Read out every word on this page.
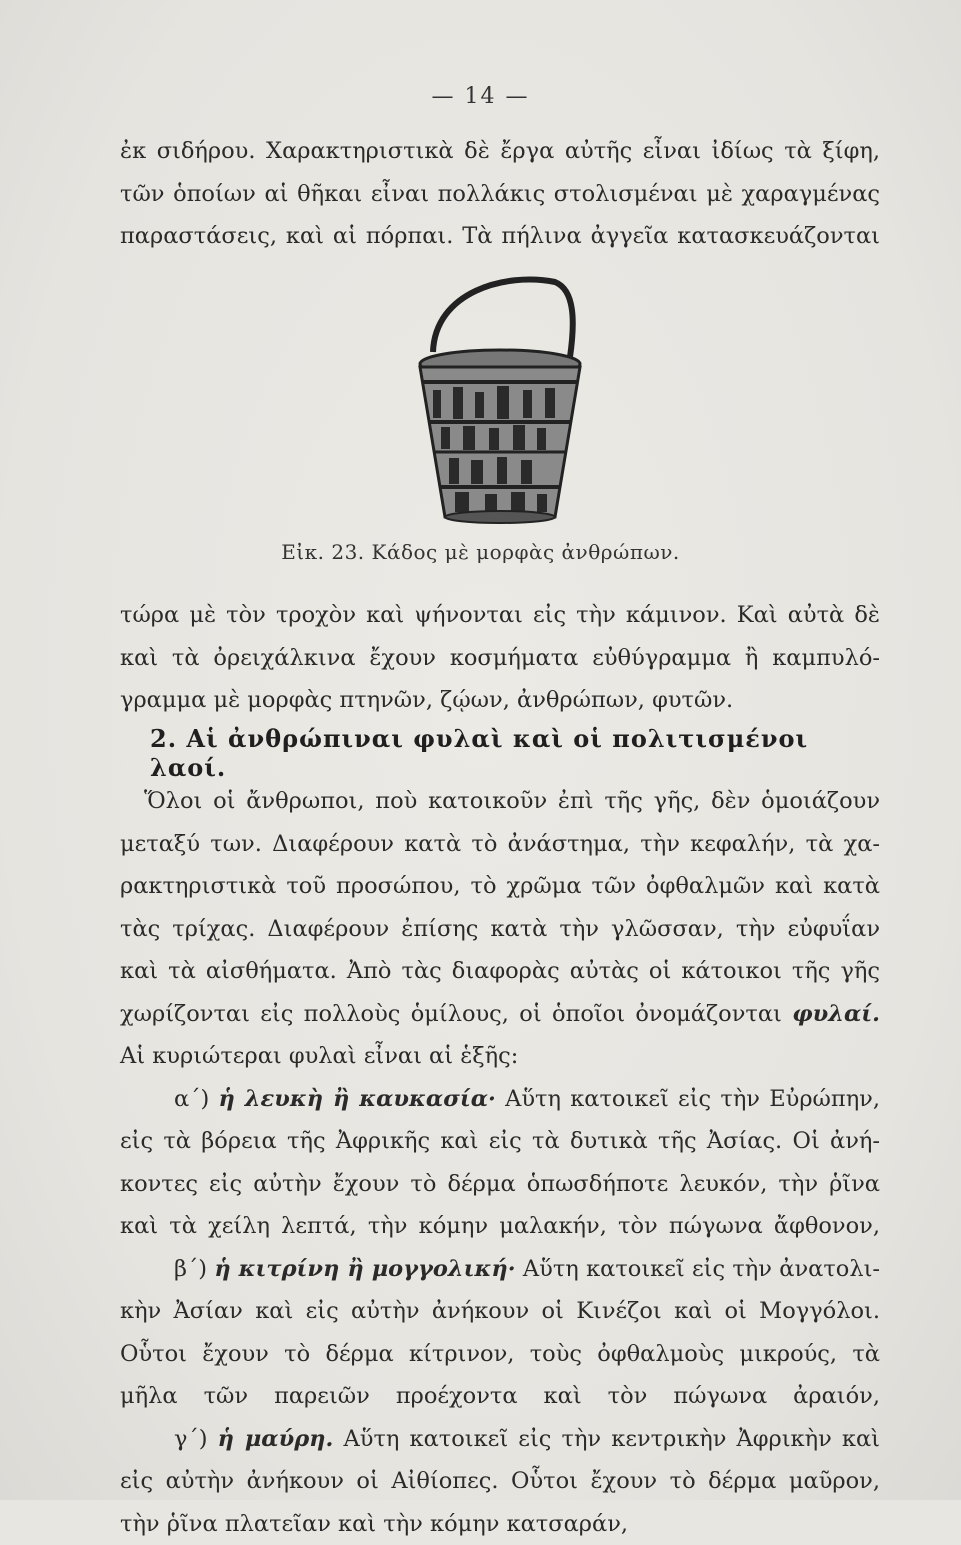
— 14 —
ἐκ σιδήρου. Χαρακτηριστικὰ δὲ ἔργα αὐτῆς εἶναι ἰδίως τὰ ξίφη,
τῶν ὁποίων αἱ θῆκαι εἶναι πολλάκις στολισμέναι μὲ χαραγμένας
παραστάσεις, καὶ αἱ πόρπαι. Τὰ πήλινα ἀγγεῖα κατασκευάζονται
Εἰκ. 23. Κάδος μὲ μορφὰς ἀνθρώπων.
τώρα μὲ τὸν τροχὸν καὶ ψήνονται εἰς τὴν κάμινον. Καὶ αὐτὰ δὲ
καὶ τὰ ὀρειχάλκινα ἔχουν κοσμήματα εὐθύγραμμα ἢ καμπυλό-
γραμμα μὲ μορφὰς πτηνῶν, ζῴων, ἀνθρώπων, φυτῶν.
2. Αἱ ἀνθρώπιναι φυλαὶ καὶ οἱ πολιτισμένοι λαοί.
Ὅλοι οἱ ἄνθρωποι, ποὺ κατοικοῦν ἐπὶ τῆς γῆς, δὲν ὁμοιάζουν
μεταξύ των. Διαφέρουν κατὰ τὸ ἀνάστημα, τὴν κεφαλήν, τὰ χα-
ρακτηριστικὰ τοῦ προσώπου, τὸ χρῶμα τῶν ὀφθαλμῶν καὶ κατὰ
τὰς τρίχας. Διαφέρουν ἐπίσης κατὰ τὴν γλῶσσαν, τὴν εὐφυΐαν
καὶ τὰ αἰσθήματα. Ἀπὸ τὰς διαφορὰς αὐτὰς οἱ κάτοικοι τῆς γῆς
χωρίζονται εἰς πολλοὺς ὁμίλους, οἱ ὁποῖοι ὀνομάζονται φυλαί.
Αἱ κυριώτεραι φυλαὶ εἶναι αἱ ἑξῆς:
α΄) ἡ λευκὴ ἢ καυκασία· Αὕτη κατοικεῖ εἰς τὴν Εὐρώπην,
εἰς τὰ βόρεια τῆς Ἀφρικῆς καὶ εἰς τὰ δυτικὰ τῆς Ἀσίας. Οἱ ἀνή-
κοντες εἰς αὐτὴν ἔχουν τὸ δέρμα ὁπωσδήποτε λευκόν, τὴν ῥῖνα
καὶ τὰ χείλη λεπτά, τὴν κόμην μαλακήν, τὸν πώγωνα ἄφθονον,
β΄) ἡ κιτρίνη ἢ μογγολική· Αὕτη κατοικεῖ εἰς τὴν ἀνατολι-
κὴν Ἀσίαν καὶ εἰς αὐτὴν ἀνήκουν οἱ Κινέζοι καὶ οἱ Μογγόλοι.
Οὗτοι ἔχουν τὸ δέρμα κίτρινον, τοὺς ὀφθαλμοὺς μικρούς, τὰ
μῆλα τῶν παρειῶν προέχοντα καὶ τὸν πώγωνα ἀραιόν,
γ΄) ἡ μαύρη. Αὕτη κατοικεῖ εἰς τὴν κεντρικὴν Ἀφρικὴν καὶ
εἰς αὐτὴν ἀνήκουν οἱ Αἰθίοπες. Οὗτοι ἔχουν τὸ δέρμα μαῦρον,
τὴν ῥῖνα πλατεῖαν καὶ τὴν κόμην κατσαράν,
